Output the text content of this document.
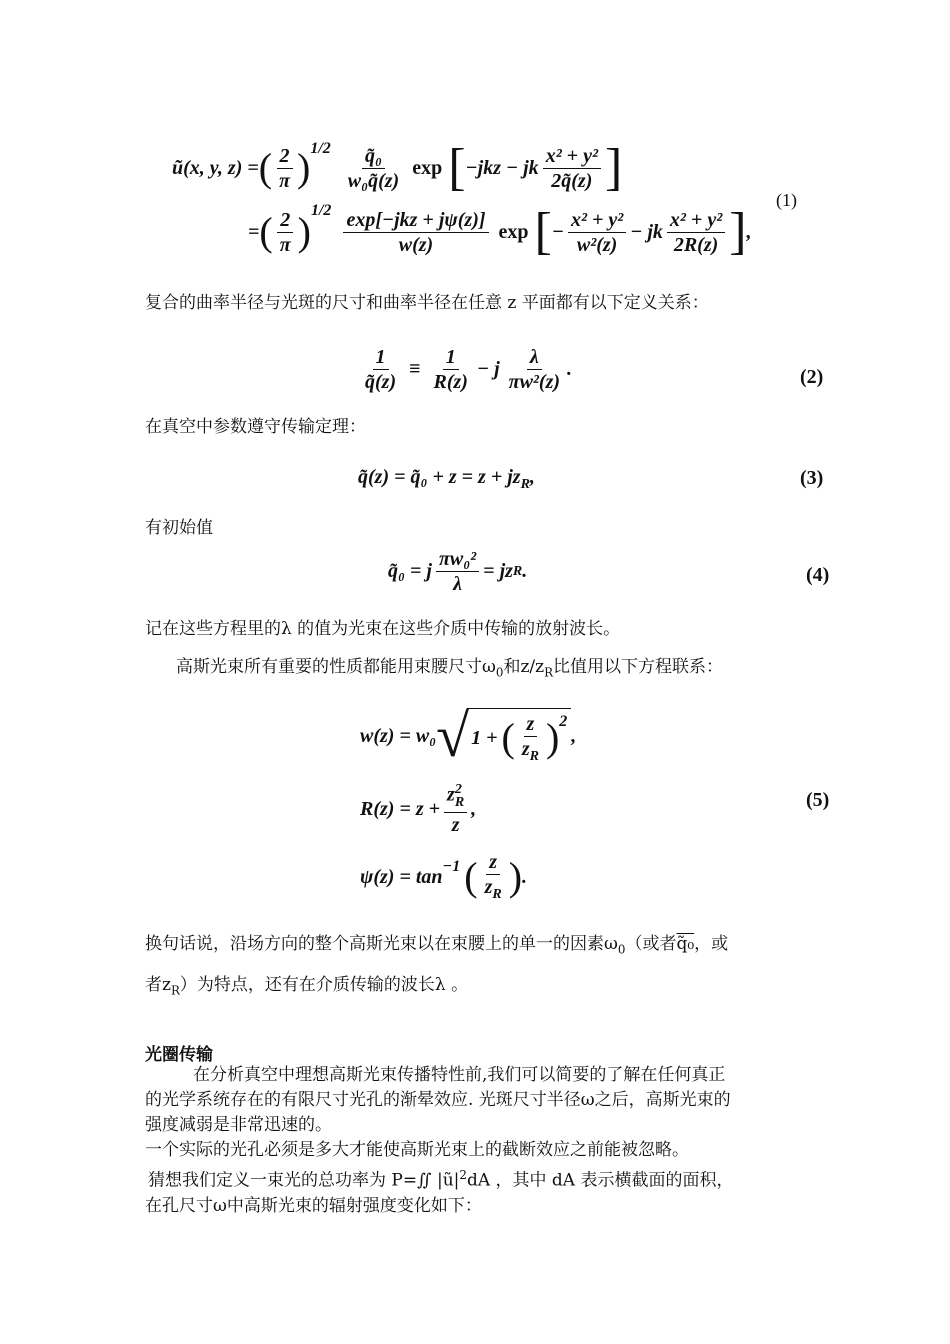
ũ(x, y, z) = ( $\frac{2}{\pi} )^{1/2} \frac{\text{q̃₀}}{\text{w₀q̃(z)}}$ exp [ −jkz − jk $\frac{\text{x² + y²}}{2q̃(z)}$ ]
= ( $\frac{2}{\pi} )^{1/2} \frac{\text{exp[−jkz + jψ(z)]}}{w(z)}$ exp [ − $\frac{\text{x² + y²}}{\text{w²(z)}}$ − jk $\frac{\text{x² + y²}}{2R(z)}$ ] ,
(1)
复合的曲率半径与光斑的尺寸和曲率半径在任意 z 平面都有以下定义关系：
$\frac{1}{q̃(z)} \equiv \frac{1}{R(z)} - j \frac{\lambda}{\text{πw²(z)}}$ .	(2)
在真空中参数遵守传输定理：
q̃(z) = q̃₀ + $z = z + jz_R$,	(3)
有初始值
q̃₀ = j $\frac{\text{πw₀²}}{\lambda}$ = jz R .	(4)
记在这些方程里的λ 的值为光束在这些介质中传输的放射波长。
高斯光束所有重要的性质都能用束腰尺寸$\omega_0$和$z/z_R$比值用以下方程联系：
w(z) = w₀ √ 1 + ( $\frac{z}{z_R} )^2$
,
$R(z) = z + \frac{z^2_R}{z}$ ,
$\psi(z) = \tan^{-1}$ ( $\frac{z}{z_R}$ ) .
(5)
换句话说，沿场方向的整个高斯光束以在束腰上的单一的因素$\omega_0$（或者q̃₀，或
者$z_R$）为特点，还有在介质传输的波长λ 。
光圈传输
在分析真空中理想高斯光束传播特性前,我们可以简要的了解在任何真正
的光学系统存在的有限尺寸光孔的渐晕效应. 光斑尺寸半径ω之后，高斯光束的
强度减弱是非常迅速的。
一个实际的光孔必须是多大才能使高斯光束上的截断效应之前能被忽略。
猜想我们定义一束光的总功率为 P=∬ $|ũ|^2dA$ ，其中 dA 表示横截面的面积，
在孔尺寸ω中高斯光束的辐射强度变化如下：
